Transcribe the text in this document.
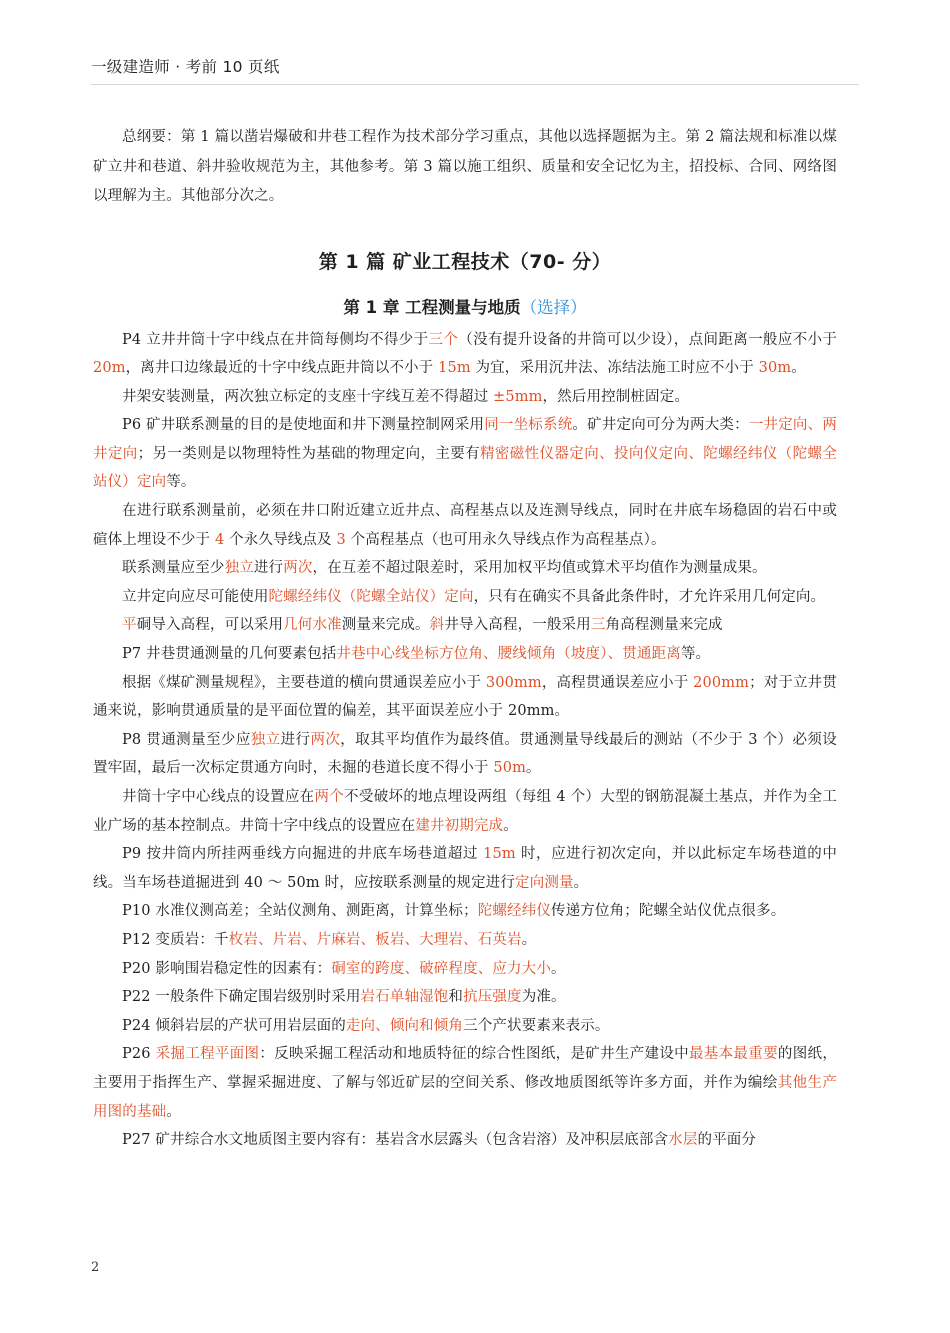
一级建造师 · 考前 10 页纸

总纲要：第 1 篇以凿岩爆破和井巷工程作为技术部分学习重点，其他以选择题据为主。第 2 篇法规和标准以煤矿立井和巷道、斜井验收规范为主，其他参考。第 3 篇以施工组织、质量和安全记忆为主，招投标、合同、网络图以理解为主。其他部分次之。

第 1 篇 矿业工程技术（70- 分）
第 1 章 工程测量与地质（选择）

P4 立井井筒十字中线点在井筒每侧均不得少于三个（没有提升设备的井筒可以少设），点间距离一般应不小于 20m，离井口边缘最近的十字中线点距井筒以不小于 15m 为宜，采用沉井法、冻结法施工时应不小于 30m。

井架安装测量，两次独立标定的支座十字线互差不得超过 ±5mm，然后用控制桩固定。

P6 矿井联系测量的目的是使地面和井下测量控制网采用同一坐标系统。矿井定向可分为两大类：一井定向、两井定向；另一类则是以物理特性为基础的物理定向，主要有精密磁性仪器定向、投向仪定向、陀螺经纬仪（陀螺全站仪）定向等。

在进行联系测量前，必须在井口附近建立近井点、高程基点以及连测导线点，同时在井底车场稳固的岩石中或碹体上埋设不少于 4 个永久导线点及 3 个高程基点（也可用永久导线点作为高程基点）。

联系测量应至少独立进行两次，在互差不超过限差时，采用加权平均值或算术平均值作为测量成果。

立井定向应尽可能使用陀螺经纬仪（陀螺全站仪）定向，只有在确实不具备此条件时，才允许采用几何定向。

平硐导入高程，可以采用几何水准测量来完成。斜井导入高程，一般采用三角高程测量来完成

P7 井巷贯通测量的几何要素包括井巷中心线坐标方位角、腰线倾角（坡度）、贯通距离等。

根据《煤矿测量规程》，主要巷道的横向贯通误差应小于 300mm，高程贯通误差应小于 200mm；对于立井贯通来说，影响贯通质量的是平面位置的偏差，其平面误差应小于 20mm。

P8 贯通测量至少应独立进行两次，取其平均值作为最终值。贯通测量导线最后的测站（不少于 3 个）必须设置牢固，最后一次标定贯通方向时，未掘的巷道长度不得小于 50m。

井筒十字中心线点的设置应在两个不受破坏的地点埋设两组（每组 4 个）大型的钢筋混凝土基点，并作为全工业广场的基本控制点。井筒十字中线点的设置应在建井初期完成。

P9 按井筒内所挂两垂线方向掘进的井底车场巷道超过 15m 时，应进行初次定向，并以此标定车场巷道的中线。当车场巷道掘进到 40 ～ 50m 时，应按联系测量的规定进行定向测量。

P10 水准仪测高差；全站仪测角、测距离，计算坐标；陀螺经纬仪传递方位角；陀螺全站仪优点很多。

P12 变质岩：千枚岩、片岩、片麻岩、板岩、大理岩、石英岩。

P20 影响围岩稳定性的因素有：硐室的跨度、破碎程度、应力大小。

P22 一般条件下确定围岩级别时采用岩石单轴湿饱和抗压强度为准。

P24 倾斜岩层的产状可用岩层面的走向、倾向和倾角三个产状要素来表示。

P26 采掘工程平面图：反映采掘工程活动和地质特征的综合性图纸，是矿井生产建设中最基本最重要的图纸，主要用于指挥生产、掌握采掘进度、了解与邻近矿层的空间关系、修改地质图纸等许多方面，并作为编绘其他生产用图的基础。

P27 矿井综合水文地质图主要内容有：基岩含水层露头（包含岩溶）及冲积层底部含水层的平面分

2
